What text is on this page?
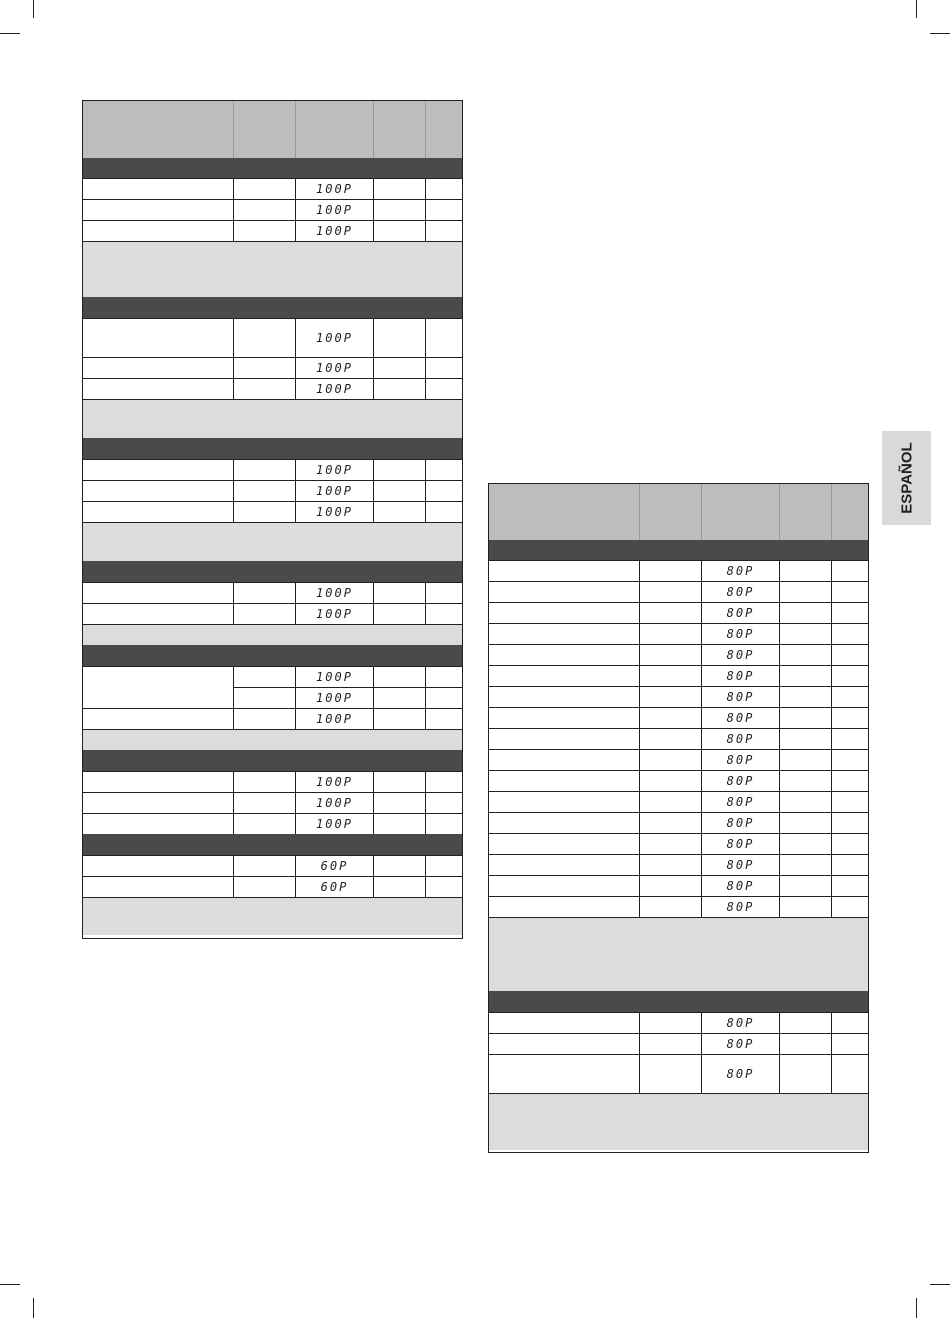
100P
100P
100P
100P
100P
100P
100P
100P
100P
100P
100P
100P
100P
100P
100P
100P
100P
60P
60P
80P
80P
80P
80P
80P
80P
80P
80P
80P
80P
80P
80P
80P
80P
80P
80P
80P
80P
80P
80P
ESPAÑOL
